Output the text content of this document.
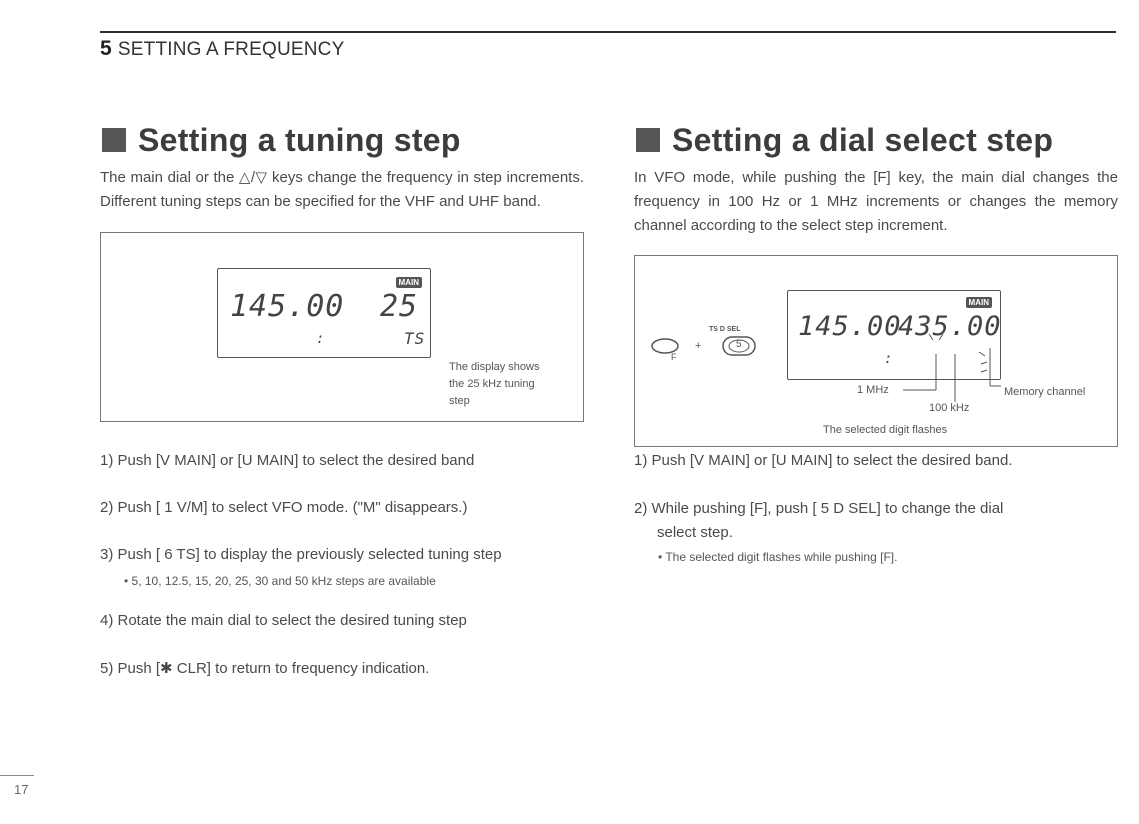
5 SETTING A FREQUENCY
Setting a tuning step
The main dial or the △/▽ keys change the frequency in step increments. Different tuning steps can be specified for the VHF and UHF band.
MAIN
145.00 25
:	TS
The display shows
the 25 kHz tuning
step
1) Push [V MAIN] or [U MAIN] to select the desired band
2) Push [ 1 V/M] to select VFO mode. ("M" disappears.)
3) Push [ 6 TS] to display the previously selected tuning step
• 5, 10, 12.5, 15, 20, 25, 30 and 50 kHz steps are available
4) Rotate the main dial to select the desired tuning step
5) Push [✱ CLR] to return to frequency indication.
Setting a dial select step
In VFO mode, while pushing the [F] key, the main dial changes the frequency in 100 Hz or 1 MHz increments or changes the memory channel according to the select step increment.
F
+
TS D SEL
5
MAIN
145.00
435.00
:
1 MHz
100 kHz
Memory channel
The selected digit flashes
1) Push [V MAIN] or [U MAIN] to select the desired band.
2) While pushing [F], push [ 5 D SEL] to change the dial
select step.
• The selected digit flashes while pushing [F].
17
